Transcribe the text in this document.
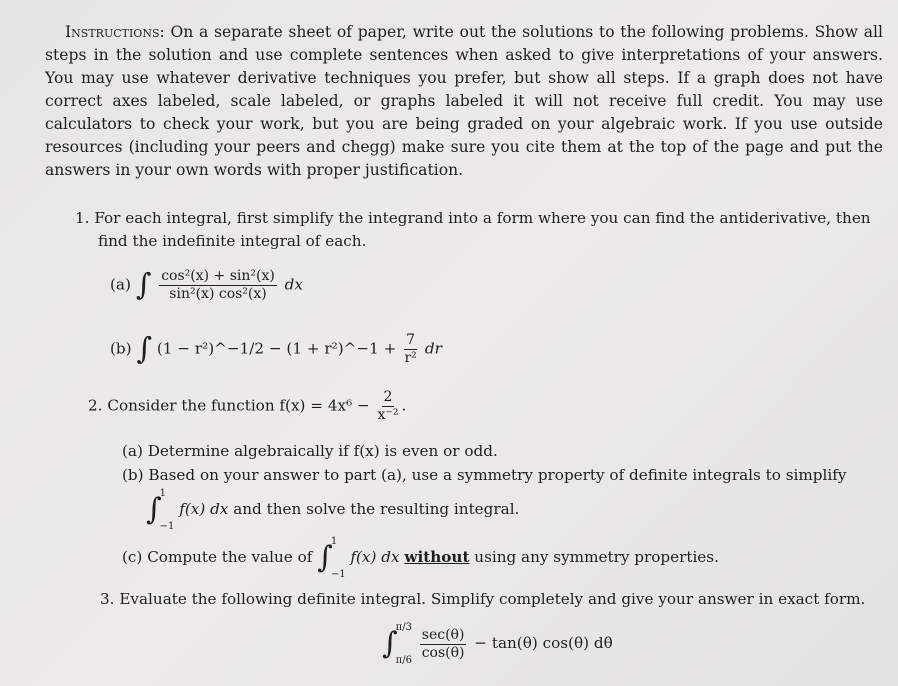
Instructions: On a separate sheet of paper, write out the solutions to the following problems. Show all steps in the solution and use complete sentences when asked to give interpretations of your answers. You may use whatever derivative techniques you prefer, but show all steps. If a graph does not have correct axes labeled, scale labeled, or graphs labeled it will not receive full credit. You may use calculators to check your work, but you are being graded on your algebraic work. If you use outside resources (including your peers and chegg) make sure you cite them at the top of the page and put the answers in your own words with proper justification.

1. For each integral, first simplify the integrand into a form where you can find the antiderivative, then
find the indefinite integral of each.
(a) ∫ $\frac{\text{cos²(x) + sin²(x)}}{\text{sin²(x) cos²(x)}}$ dx
(b) ∫ (1 − r²)^−1/2 − (1 + r²)^−1 + $\frac{7}{\text{r²}}$ dr
2. Consider the function $f(x) = 4x^6 - \frac{2}{\text{x⁻²}}$ .
(a) Determine algebraically if f(x) is even or odd.
(b) Based on your answer to part (a), use a symmetry property of definite integrals to simplify
∫
1
−1
f(x) dx and then solve the resulting integral.
(c) Compute the value of ∫
1
−1
f(x) dx without using any symmetry properties.
3. Evaluate the following definite integral. Simplify completely and give your answer in exact form.
∫
π/3
π/6
$\frac{\sec(\theta)}{\cos(\theta)} - \tan(\theta)$ cos(θ) dθ
